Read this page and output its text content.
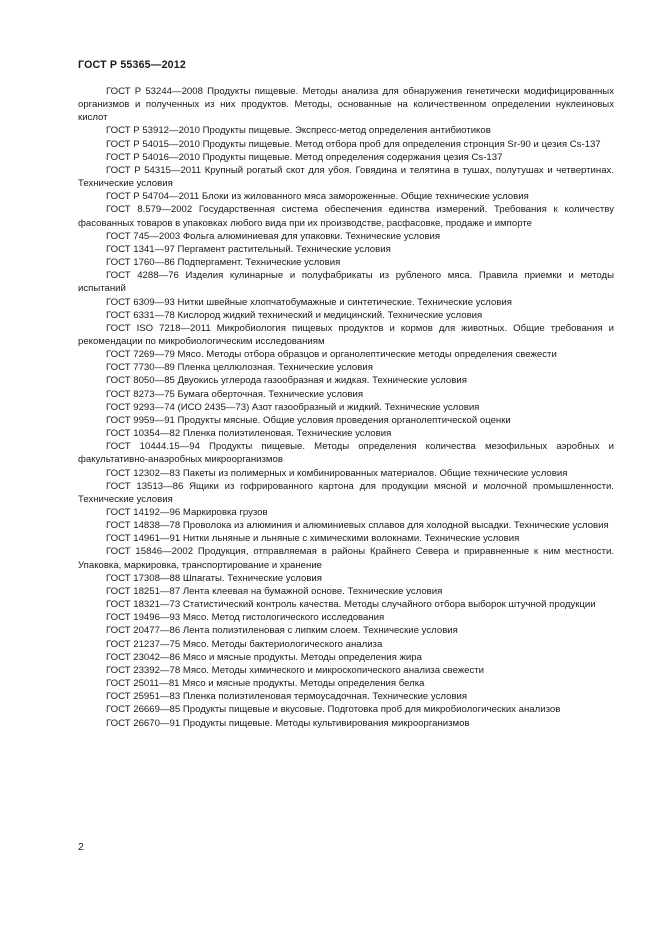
ГОСТ Р 55365—2012

ГОСТ Р 53244—2008 Продукты пищевые. Методы анализа для обнаружения генетически модифицированных организмов и полученных из них продуктов. Методы, основанные на количественном определении нуклеиновых кислот

ГОСТ Р 53912—2010 Продукты пищевые. Экспресс-метод определения антибиотиков

ГОСТ Р 54015—2010 Продукты пищевые. Метод отбора проб для определения стронция Sr-90 и цезия Cs-137

ГОСТ Р 54016—2010 Продукты пищевые. Метод определения содержания цезия Cs-137

ГОСТ Р 54315—2011 Крупный рогатый скот для убоя. Говядина и телятина в тушах, полутушах и четвертинах. Технические условия

ГОСТ Р 54704—2011 Блоки из жилованного мяса замороженные. Общие технические условия

ГОСТ 8.579—2002 Государственная система обеспечения единства измерений. Требования к количеству фасованных товаров в упаковках любого вида при их производстве, расфасовке, продаже и импорте

ГОСТ 745—2003 Фольга алюминиевая для упаковки. Технические условия

ГОСТ 1341—97 Пергамент растительный. Технические условия

ГОСТ 1760—86 Подпергамент. Технические условия

ГОСТ 4288—76 Изделия кулинарные и полуфабрикаты из рубленого мяса. Правила приемки и методы испытаний

ГОСТ 6309—93 Нитки швейные хлопчатобумажные и синтетические. Технические условия

ГОСТ 6331—78 Кислород жидкий технический и медицинский. Технические условия

ГОСТ ISO 7218—2011 Микробиология пищевых продуктов и кормов для животных. Общие требования и рекомендации по микробиологическим исследованиям

ГОСТ 7269—79 Мясо. Методы отбора образцов и органолептические методы определения свежести

ГОСТ 7730—89 Пленка целлюлозная. Технические условия

ГОСТ 8050—85 Двуокись углерода газообразная и жидкая. Технические условия

ГОСТ 8273—75 Бумага оберточная. Технические условия

ГОСТ 9293—74 (ИСО 2435—73) Азот газообразный и жидкий. Технические условия

ГОСТ 9959—91 Продукты мясные. Общие условия проведения органолептической оценки

ГОСТ 10354—82 Пленка полиэтиленовая. Технические условия

ГОСТ 10444.15—94 Продукты пищевые. Методы определения количества мезофильных аэробных и факультативно-анаэробных микроорганизмов

ГОСТ 12302—83 Пакеты из полимерных и комбинированных материалов. Общие технические условия

ГОСТ 13513—86 Ящики из гофрированного картона для продукции мясной и молочной промышленности. Технические условия

ГОСТ 14192—96 Маркировка грузов

ГОСТ 14838—78 Проволока из алюминия и алюминиевых сплавов для холодной высадки. Технические условия

ГОСТ 14961—91 Нитки льняные и льняные с химическими волокнами. Технические условия

ГОСТ 15846—2002 Продукция, отправляемая в районы Крайнего Севера и приравненные к ним местности. Упаковка, маркировка, транспортирование и хранение

ГОСТ 17308—88 Шпагаты. Технические условия

ГОСТ 18251—87 Лента клеевая на бумажной основе. Технические условия

ГОСТ 18321—73 Статистический контроль качества. Методы случайного отбора выборок штучной продукции

ГОСТ 19496—93 Мясо. Метод гистологического исследования

ГОСТ 20477—86 Лента полиэтиленовая с липким слоем. Технические условия

ГОСТ 21237—75 Мясо. Методы бактериологического анализа

ГОСТ 23042—86 Мясо и мясные продукты. Методы определения жира

ГОСТ 23392—78 Мясо. Методы химического и микроскопического анализа свежести

ГОСТ 25011—81 Мясо и мясные продукты. Методы определения белка

ГОСТ 25951—83 Пленка полиэтиленовая термоусадочная. Технические условия

ГОСТ 26669—85 Продукты пищевые и вкусовые. Подготовка проб для микробиологических анализов

ГОСТ 26670—91 Продукты пищевые. Методы культивирования микроорганизмов

2
